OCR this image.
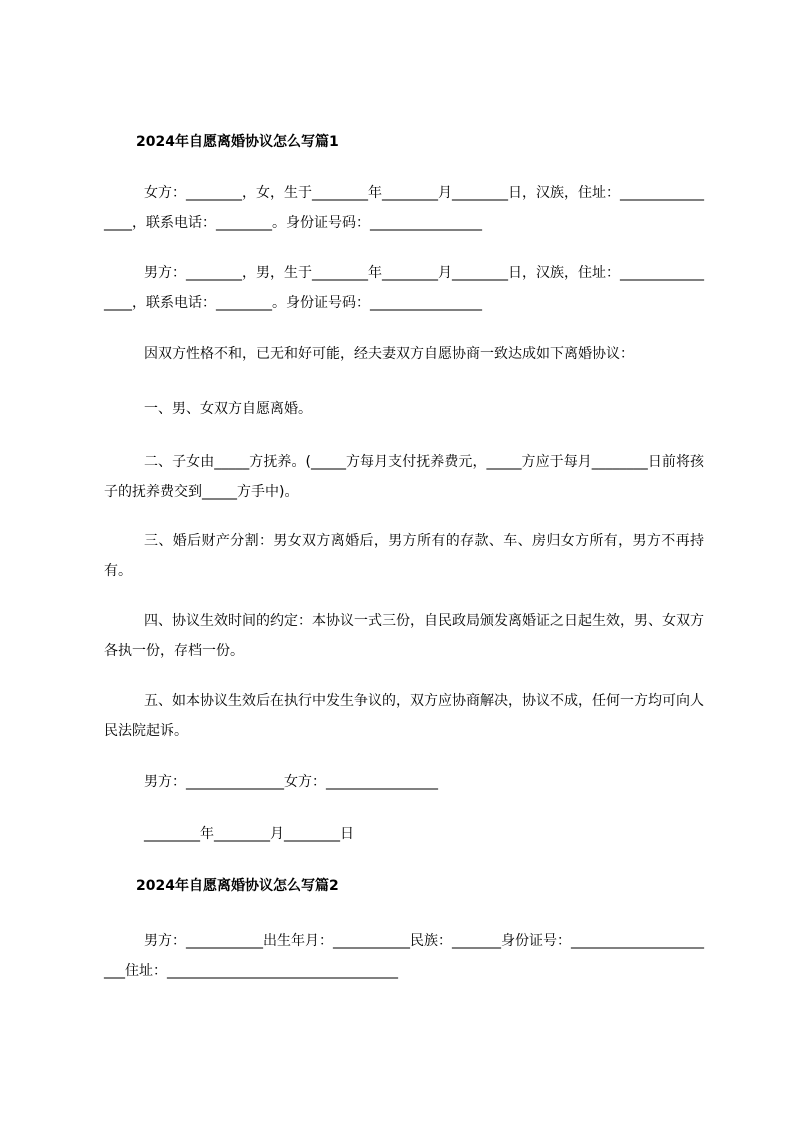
2024年自愿离婚协议怎么写篇1

女方：________，女，生于________年________月________日，汉族，住址：________________，联系电话：________。身份证号码：________________

男方：________，男，生于________年________月________日，汉族，住址：________________，联系电话：________。身份证号码：________________

因双方性格不和，已无和好可能，经夫妻双方自愿协商一致达成如下离婚协议：

一、男、女双方自愿离婚。

二、子女由_____方抚养。(_____方每月支付抚养费元，_____方应于每月________日前将孩子的抚养费交到_____方手中)。

三、婚后财产分割：男女双方离婚后，男方所有的存款、车、房归女方所有，男方不再持有。

四、协议生效时间的约定：本协议一式三份，自民政局颁发离婚证之日起生效，男、女双方各执一份，存档一份。

五、如本协议生效后在执行中发生争议的，双方应协商解决，协议不成，任何一方均可向人民法院起诉。

男方：______________女方：________________
________年________月________日
2024年自愿离婚协议怎么写篇2

男方：___________出生年月：___________民族：_______身份证号：______________________住址：_________________________________
